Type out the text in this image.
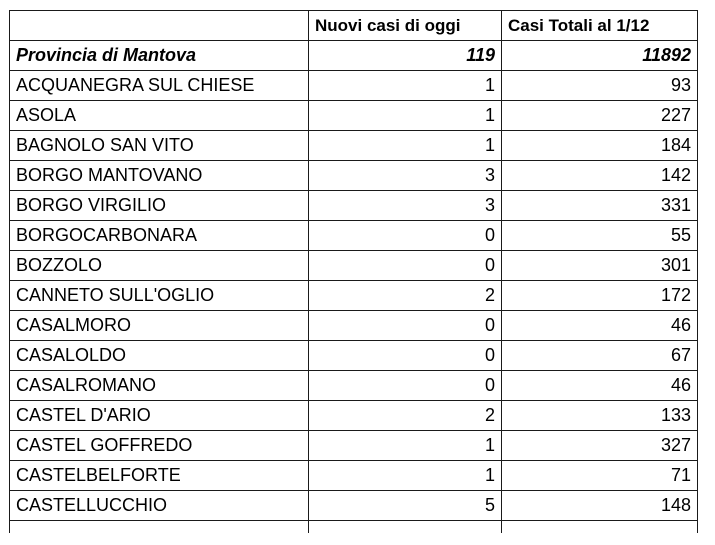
	Nuovi casi di oggi	Casi Totali al 1/12
Provincia di Mantova	119	11892
ACQUANEGRA SUL CHIESE	1	93
ASOLA	1	227
BAGNOLO SAN VITO	1	184
BORGO MANTOVANO	3	142
BORGO VIRGILIO	3	331
BORGOCARBONARA	0	55
BOZZOLO	0	301
CANNETO SULL'OGLIO	2	172
CASALMORO	0	46
CASALOLDO	0	67
CASALROMANO	0	46
CASTEL D'ARIO	2	133
CASTEL GOFFREDO	1	327
CASTELBELFORTE	1	71
CASTELLUCCHIO	5	148
